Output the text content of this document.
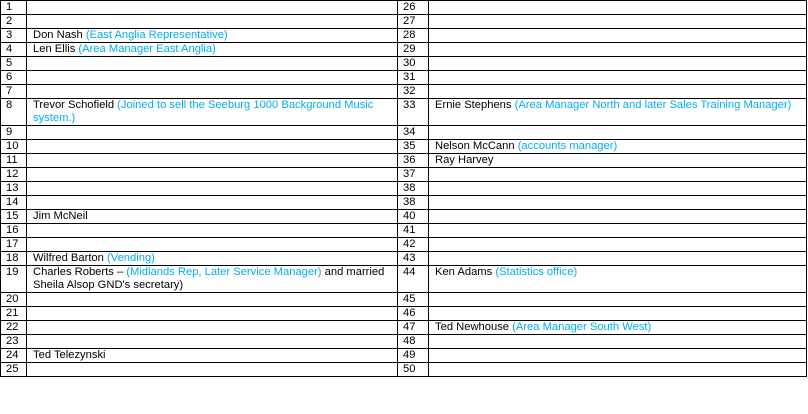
1		26	
2		27	
3	Don Nash (East Anglia Representative)	28	
4	Len Ellis (Area Manager East Anglia)	29	
5		30	
6		31	
7		32	
8	Trevor Schofield (Joined to sell the Seeburg 1000 Background Music system.)	33	Ernie Stephens (Area Manager North and later Sales Training Manager)
9		34	
10		35	Nelson McCann (accounts manager)
11		36	Ray Harvey
12		37	
13		38	
14		38	
15	Jim McNeil	40	
16		41	
17		42	
18	Wilfred Barton (Vending)	43	
19	Charles Roberts – (Midlands Rep, Later Service Manager) and married Sheila Alsop GND's secretary)	44	Ken Adams (Statistics office)
20		45	
21		46	
22		47	Ted Newhouse (Area Manager South West)
23		48	
24	Ted Telezynski	49	
25		50	
